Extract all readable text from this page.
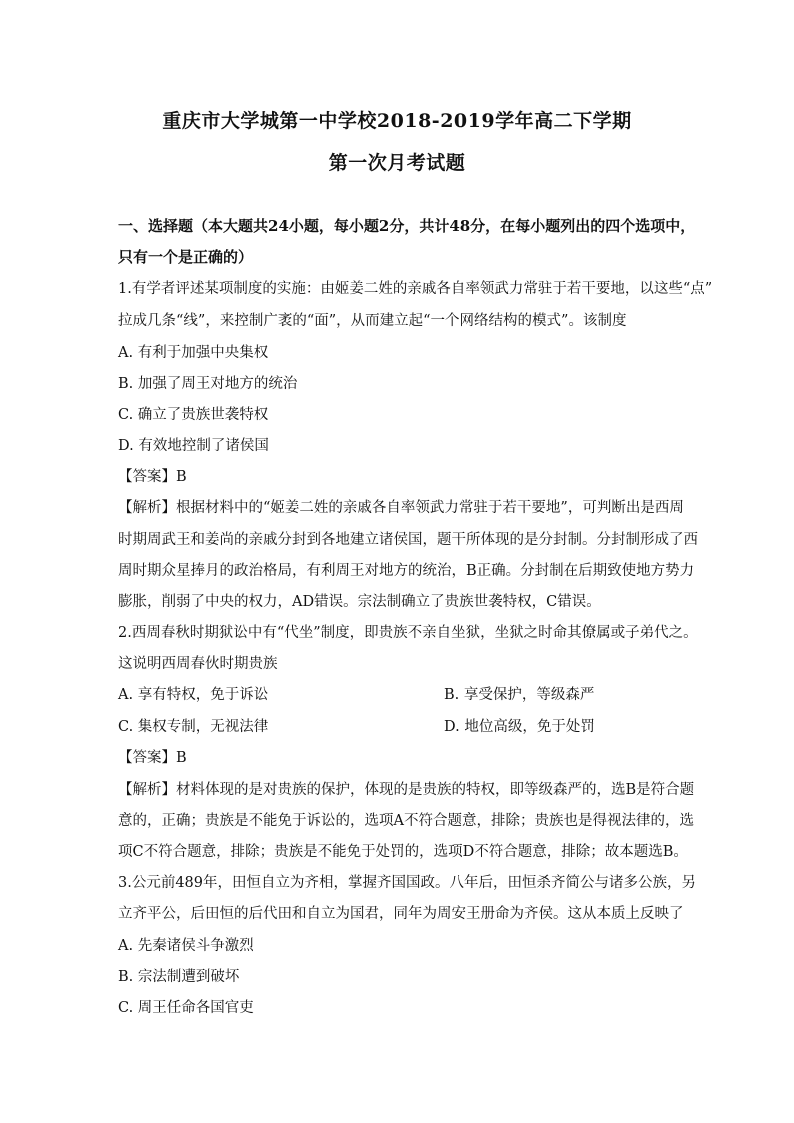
重庆市大学城第一中学校2018-2019学年高二下学期
第一次月考试题
一、选择题（本大题共24小题，每小题2分，共计48分，在每小题列出的四个选项中，
只有一个是正确的）
1.有学者评述某项制度的实施：由姬姜二姓的亲戚各自率领武力常驻于若干要地，以这些“点”
拉成几条“线”，来控制广袤的“面”，从而建立起“一个网络结构的模式”。该制度
A. 有利于加强中央集权
B. 加强了周王对地方的统治
C. 确立了贵族世袭特权
D. 有效地控制了诸侯国
【答案】B
【解析】根据材料中的“姬姜二姓的亲戚各自率领武力常驻于若干要地”，可判断出是西周
时期周武王和姜尚的亲戚分封到各地建立诸侯国，题干所体现的是分封制。分封制形成了西
周时期众星捧月的政治格局，有利周王对地方的统治，B正确。分封制在后期致使地方势力
膨胀，削弱了中央的权力，AD错误。宗法制确立了贵族世袭特权，C错误。
2.西周春秋时期狱讼中有“代坐”制度，即贵族不亲自坐狱，坐狱之时命其僚属或子弟代之。
这说明西周春伙时期贵族
A. 享有特权，免于诉讼	B. 享受保护，等级森严
C. 集权专制，无视法律	D. 地位高级，免于处罚
【答案】B
【解析】材料体现的是对贵族的保护，体现的是贵族的特权，即等级森严的，选B是符合题
意的，正确；贵族是不能免于诉讼的，选项A不符合题意，排除；贵族也是得视法律的，选
项C不符合题意，排除；贵族是不能免于处罚的，选项D不符合题意，排除；故本题选B。
3.公元前489年，田恒自立为齐相，掌握齐国国政。八年后，田恒杀齐简公与诸多公族，另
立齐平公，后田恒的后代田和自立为国君，同年为周安王册命为齐侯。这从本质上反映了
A. 先秦诸侯斗争激烈
B. 宗法制遭到破坏
C. 周王任命各国官吏
